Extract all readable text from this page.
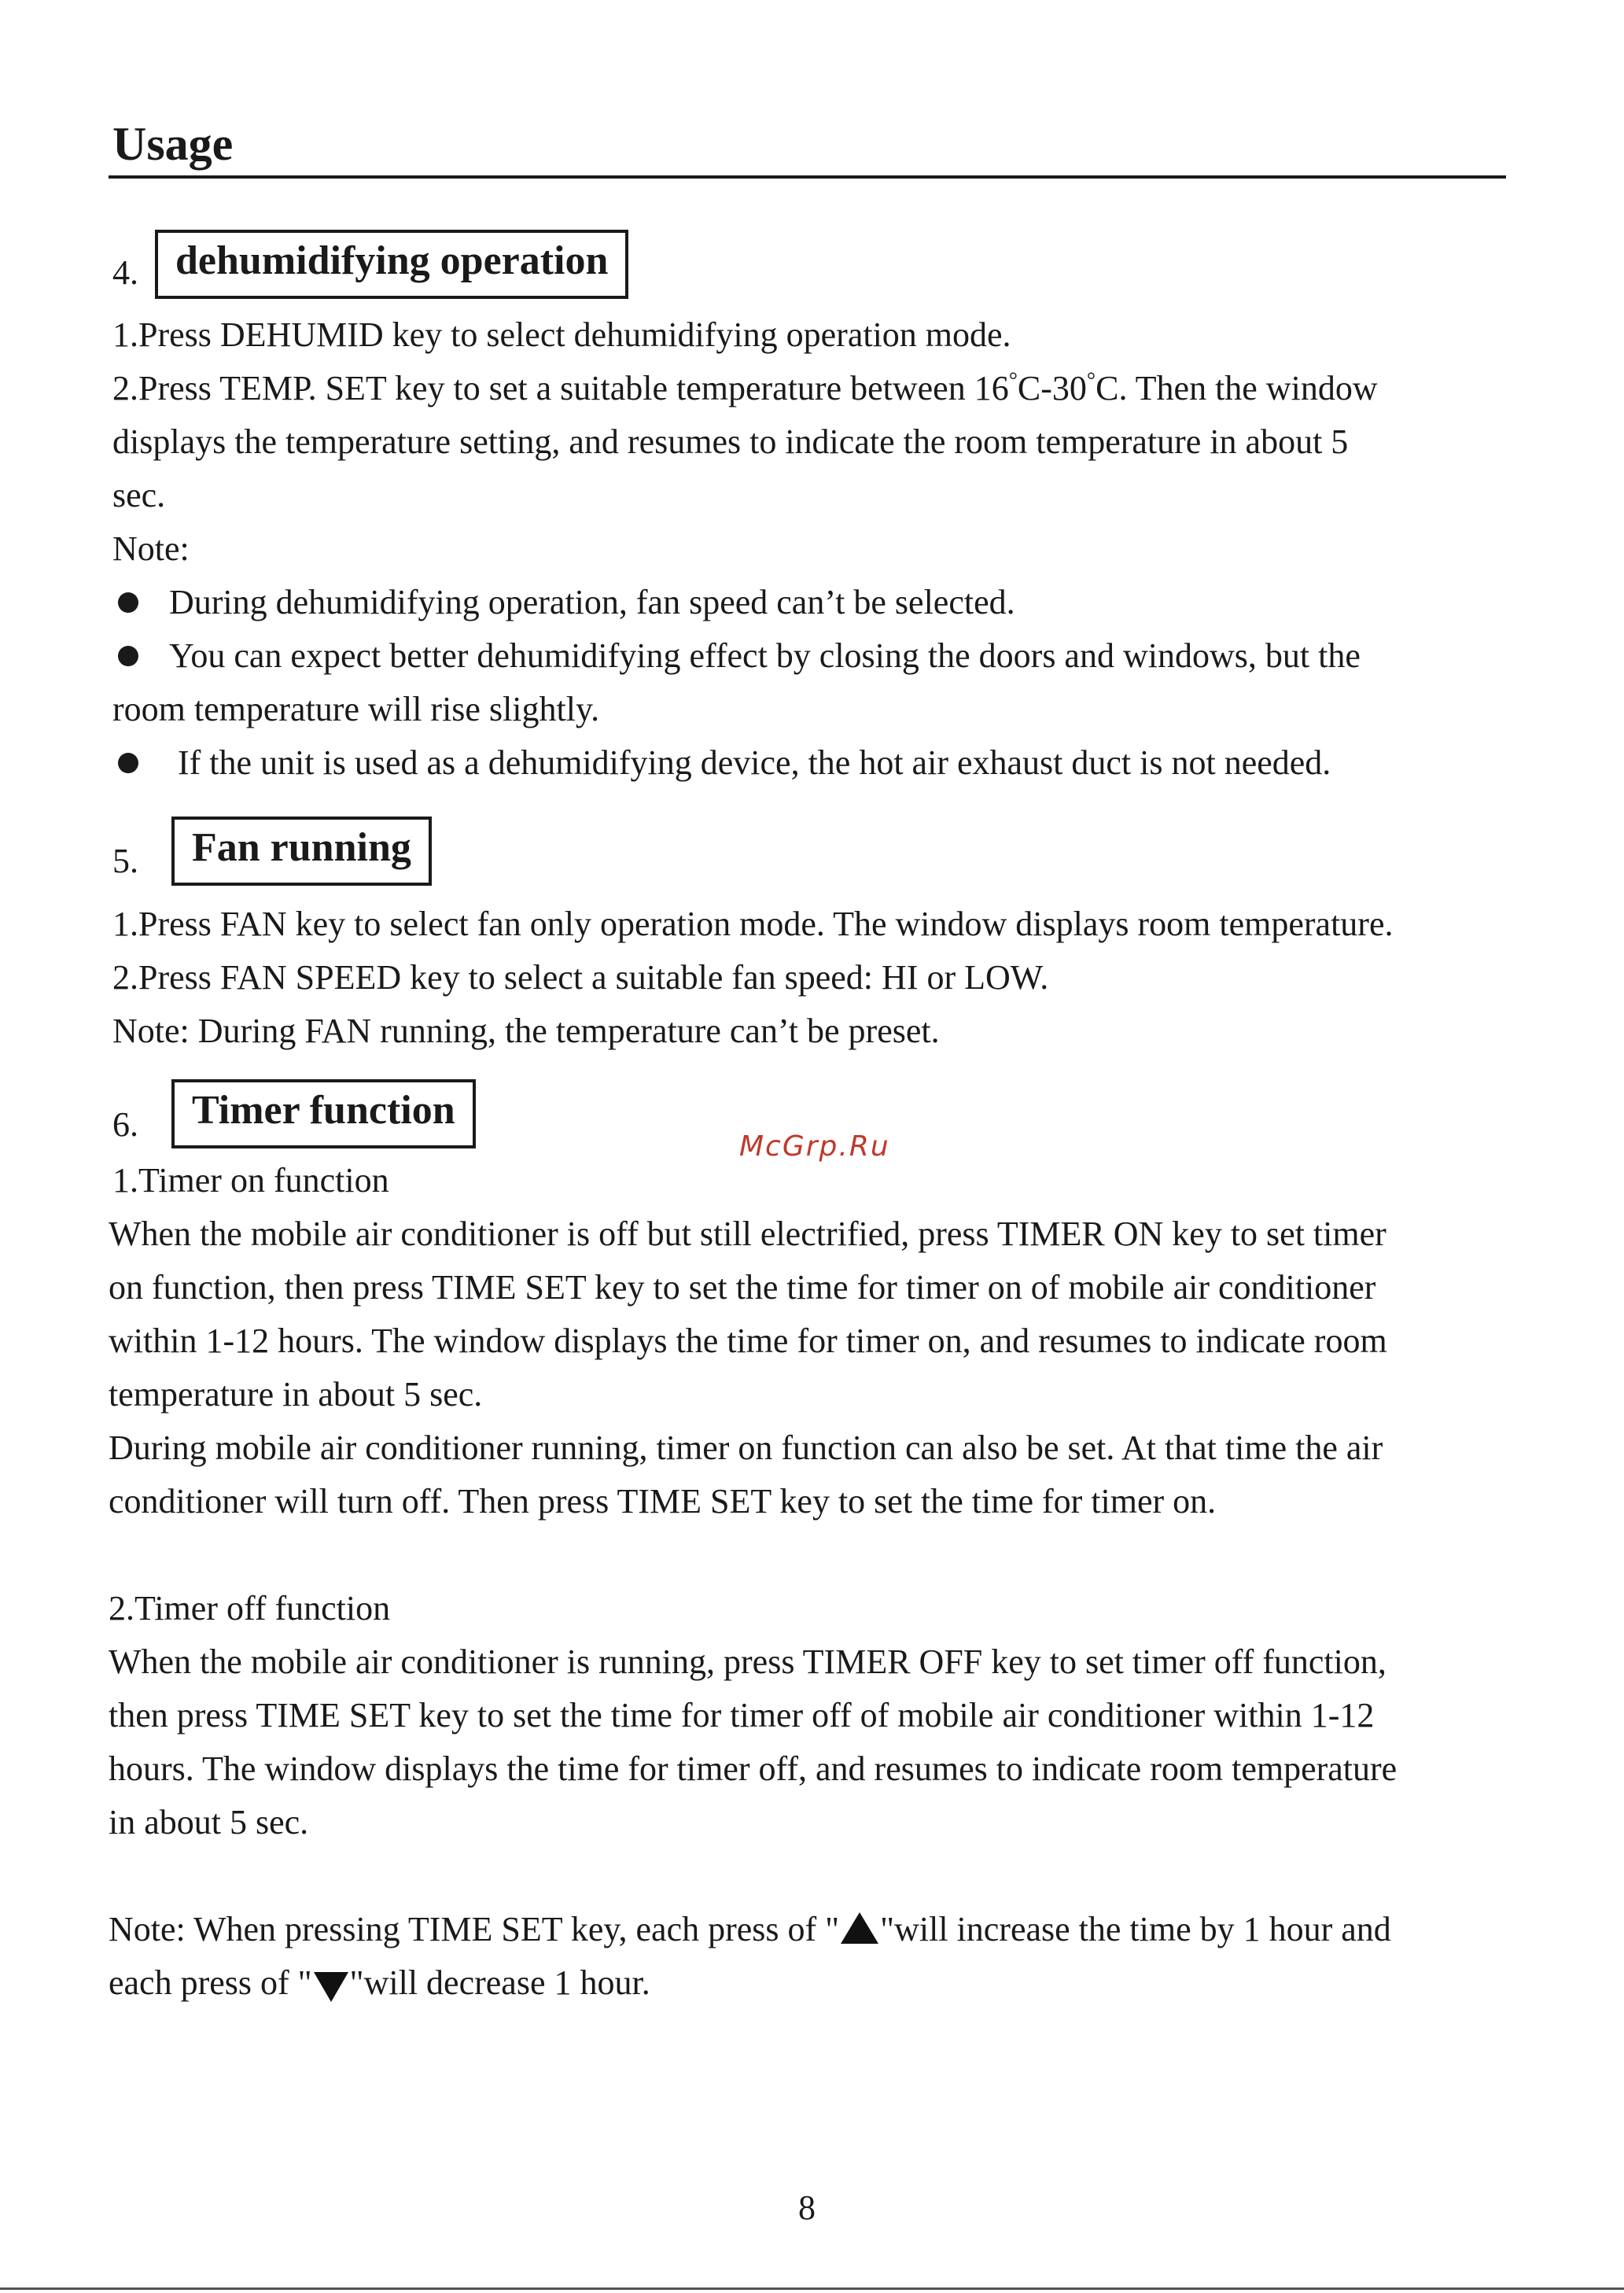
Usage
4. dehumidifying operation
1.Press DEHUMID key to select dehumidifying operation mode.
2.Press TEMP. SET key to set a suitable temperature between 16°C-30°C. Then the window
displays the temperature setting, and resumes to indicate the room temperature in about 5
sec.
Note:
During dehumidifying operation, fan speed can’t be selected.
You can expect better dehumidifying effect by closing the doors and windows, but the
room temperature will rise slightly.
If the unit is used as a dehumidifying device, the hot air exhaust duct is not needed.
5.	Fan running
1.Press FAN key to select fan only operation mode. The window displays room temperature.
2.Press FAN SPEED key to select a suitable fan speed: HI or LOW.
Note: During FAN running, the temperature can’t be preset.
6.	Timer function
McGrp.Ru
1.Timer on function
When the mobile air conditioner is off but still electrified, press TIMER ON key to set timer
on function, then press TIME SET key to set the time for timer on of mobile air conditioner
within 1-12 hours. The window displays the time for timer on, and resumes to indicate room
temperature in about 5 sec.
During mobile air conditioner running, timer on function can also be set. At that time the air
conditioner will turn off. Then press TIME SET key to set the time for timer on.
2.Timer off function
When the mobile air conditioner is running, press TIMER OFF key to set timer off function,
then press TIME SET key to set the time for timer off of mobile air conditioner within 1-12
hours. The window displays the time for timer off, and resumes to indicate room temperature
in about 5 sec.
Note: When pressing TIME SET key, each press of " "will increase the time by 1 hour and
each press of " "will decrease 1 hour.
8
